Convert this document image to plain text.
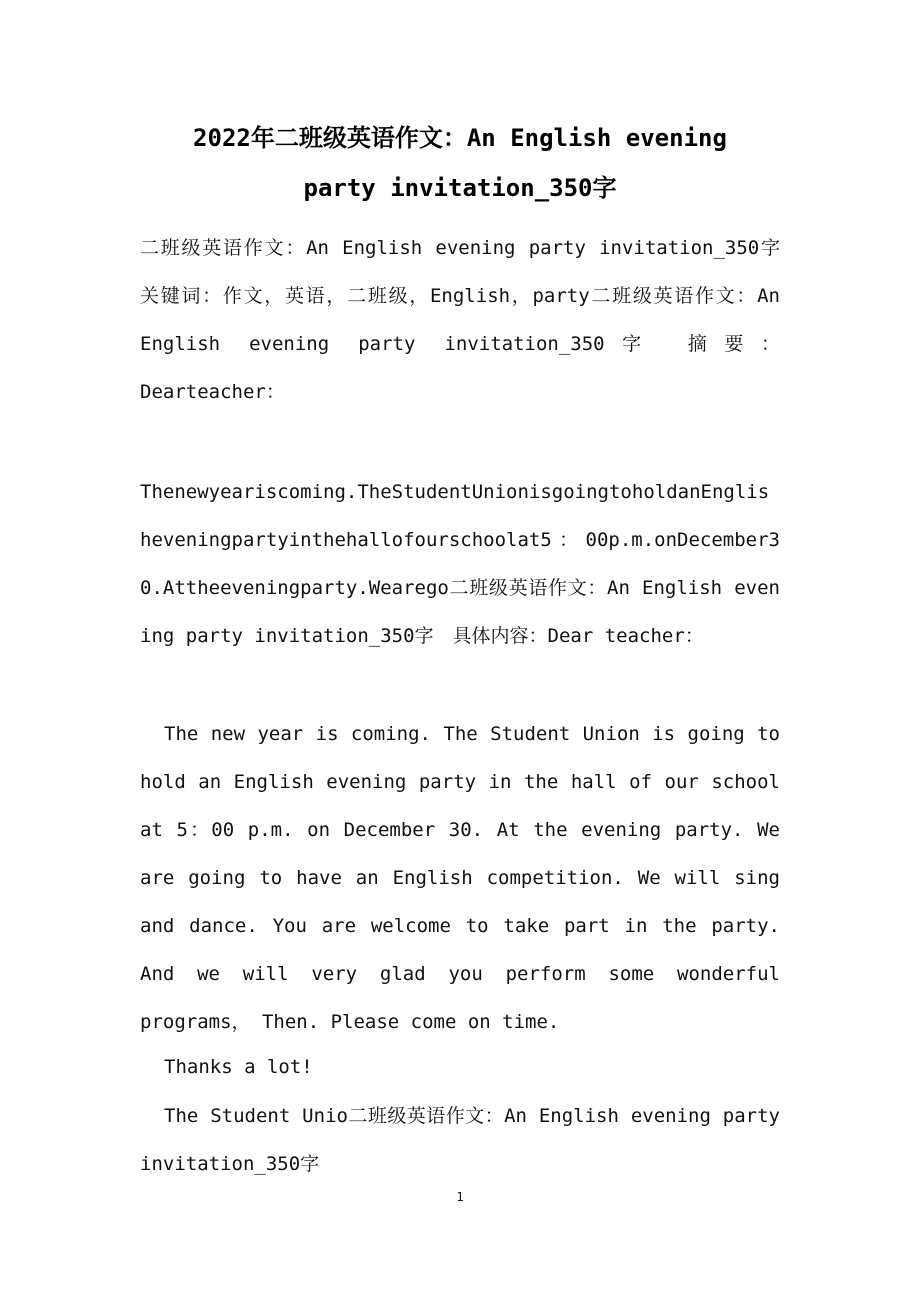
2022年二班级英语作文：An English evening
party invitation_350字

二班级英语作文：An English evening party invitation_350字　关键词：作文，英语，二班级，English，party二班级英语作文：An English evening party invitation_350字 摘要：Dearteacher：

Thenewyeariscoming.TheStudentUnionisgoingtoholdanEnglisheveningpartyinthehallofourschoolat5：00p.m.onDecember30.Attheeveningparty.Wearego二班级英语作文：An English evening party invitation_350字　具体内容：Dear teacher：

The new year is coming. The Student Union is going to hold an English evening party in the hall of our school at 5：00 p.m. on December 30. At the evening party. We are going to have an English competition. We will sing and dance. You are welcome to take part in the party. And we will very glad you perform some wonderful programs， Then. Please come on time.

Thanks a lot!

The Student Unio二班级英语作文：An English evening party invitation_350字

1
